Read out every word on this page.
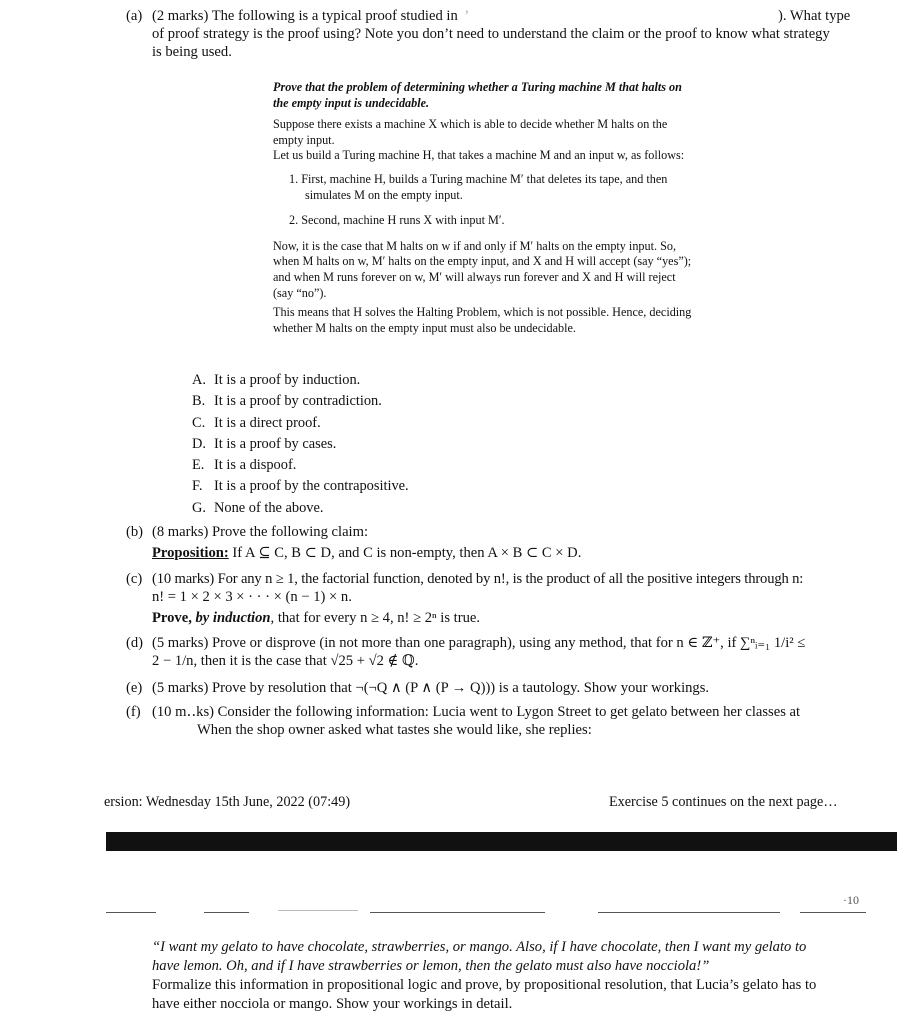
(a) (2 marks) The following is a typical proof studied in  ’
of proof strategy is the proof using? Note you don’t need to understand the claim or the proof to know what strategy
is being used.
). What type

Prove that the problem of determining whether a Turing machine M that halts on

the empty input is undecidable.

Suppose there exists a machine X which is able to decide whether M halts on the

empty input.

Let us build a Turing machine H, that takes a machine M and an input w, as follows:

1. First, machine H, builds a Turing machine M′ that deletes its tape, and then

simulates M on the empty input.

2. Second, machine H runs X with input M′.

Now, it is the case that M halts on w if and only if M′ halts on the empty input. So,

when M halts on w, M′ halts on the empty input, and X and H will accept (say “yes”);

and when M runs forever on w, M′ will always run forever and X and H will reject

(say “no”).

This means that H solves the Halting Problem, which is not possible. Hence, deciding

whether M halts on the empty input must also be undecidable.

A. It is a proof by induction.
B. It is a proof by contradiction.
C. It is a direct proof.
D. It is a proof by cases.
E. It is a dispoof.
F. It is a proof by the contrapositive.
G. None of the above.
(b) (8 marks) Prove the following claim:
Proposition: If A ⊆ C, B ⊂ D, and C is non-empty, then A × B ⊂ C × D.
(c) (10 marks) For any n ≥ 1, the factorial function, denoted by n!, is the product of all the positive integers through n:
n! = 1 × 2 × 3 × · · · × (n − 1) × n.
Prove, by induction, that for every n ≥ 4, n! ≥ 2ⁿ is true.
(d) (5 marks) Prove or disprove (in not more than one paragraph), using any method, that for n ∈ ℤ⁺, if ∑ⁿᵢ₌₁ 1/i² ≤
2 − 1/n, then it is the case that √25 + √2 ∉ ℚ.
(e) (5 marks) Prove by resolution that ¬(¬Q ∧ (P ∧ (P → Q))) is a tautology. Show your workings.
(f) (10 m‥ks) Consider the following information: Lucia went to Lygon Street to get gelato between her classes at
When the shop owner asked what tastes she would like, she replies:
ersion: Wednesday 15th June, 2022 (07:49)	Exercise 5 continues on the next page…
·10
“I want my gelato to have chocolate, strawberries, or mango. Also, if I have chocolate, then I want my gelato to
have lemon. Oh, and if I have strawberries or lemon, then the gelato must also have nocciola!”
Formalize this information in propositional logic and prove, by propositional resolution, that Lucia’s gelato has to
have either nocciola or mango. Show your workings in detail.
